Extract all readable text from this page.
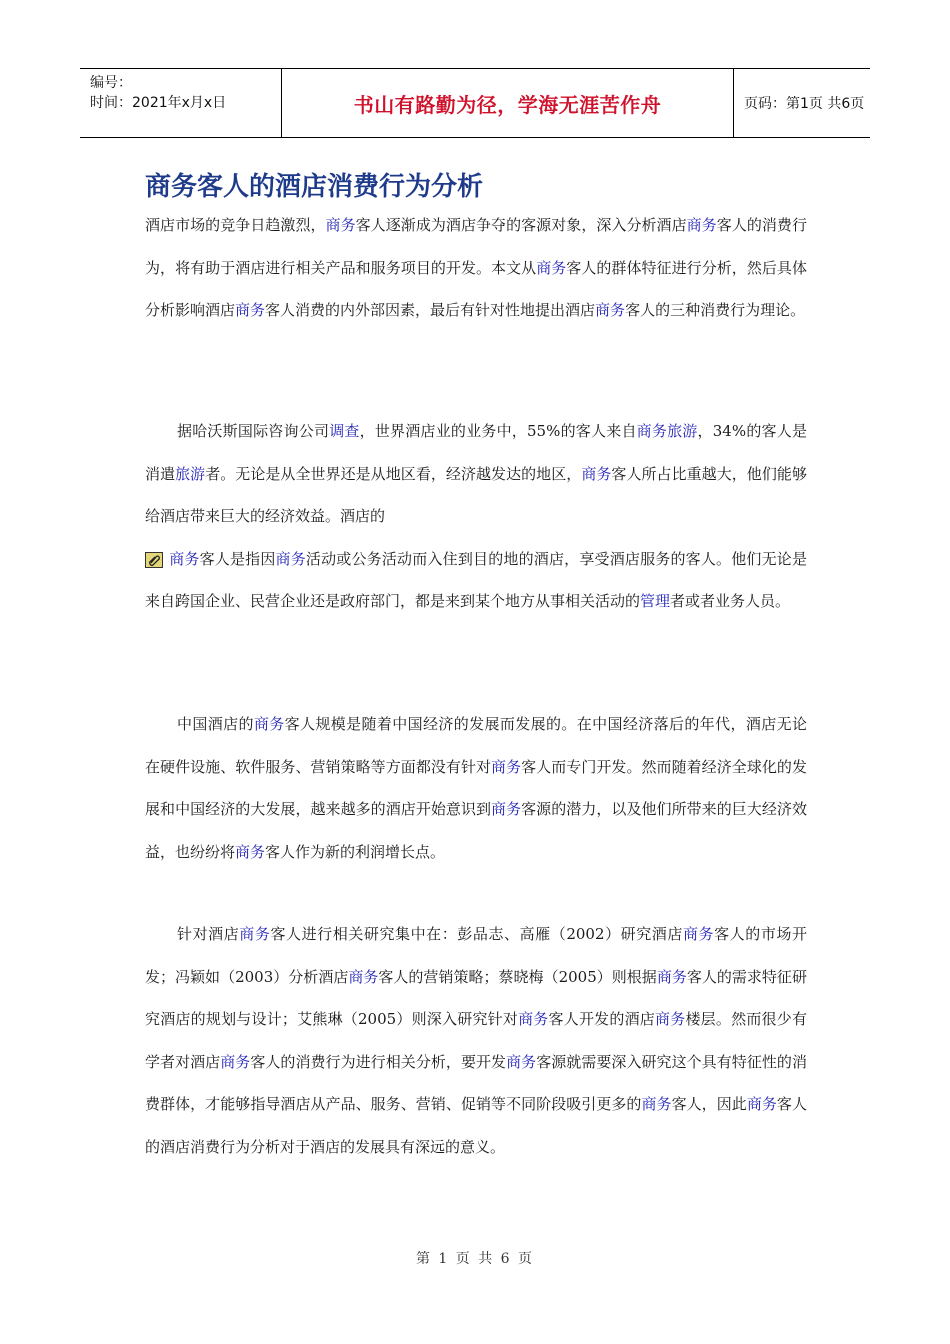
编号：
时间：2021年x月x日	书山有路勤为径，学海无涯苦作舟	页码：第1页 共6页
商务客人的酒店消费行为分析

酒店市场的竞争日趋激烈，商务客人逐渐成为酒店争夺的客源对象，深入分析酒店商务客人的消费行为，将有助于酒店进行相关产品和服务项目的开发。本文从商务客人的群体特征进行分析，然后具体分析影响酒店商务客人消费的内外部因素，最后有针对性地提出酒店商务客人的三种消费行为理论。

据哈沃斯国际咨询公司调查，世界酒店业的业务中，55%的客人来自商务旅游，34%的客人是消遣旅游者。无论是从全世界还是从地区看，经济越发达的地区，商务客人所占比重越大，他们能够给酒店带来巨大的经济效益。酒店的

商务客人是指因商务活动或公务活动而入住到目的地的酒店，享受酒店服务的客人。他们无论是来自跨国企业、民营企业还是政府部门，都是来到某个地方从事相关活动的管理者或者业务人员。

中国酒店的商务客人规模是随着中国经济的发展而发展的。在中国经济落后的年代，酒店无论在硬件设施、软件服务、营销策略等方面都没有针对商务客人而专门开发。然而随着经济全球化的发展和中国经济的大发展，越来越多的酒店开始意识到商务客源的潜力，以及他们所带来的巨大经济效益，也纷纷将商务客人作为新的利润增长点。

针对酒店商务客人进行相关研究集中在：彭品志、高雁（2002）研究酒店商务客人的市场开发；冯颖如（2003）分析酒店商务客人的营销策略；蔡晓梅（2005）则根据商务客人的需求特征研究酒店的规划与设计；艾熊琳（2005）则深入研究针对商务客人开发的酒店商务楼层。然而很少有学者对酒店商务客人的消费行为进行相关分析，要开发商务客源就需要深入研究这个具有特征性的消费群体，才能够指导酒店从产品、服务、营销、促销等不同阶段吸引更多的商务客人，因此商务客人的酒店消费行为分析对于酒店的发展具有深远的意义。

第 1 页 共 6 页
